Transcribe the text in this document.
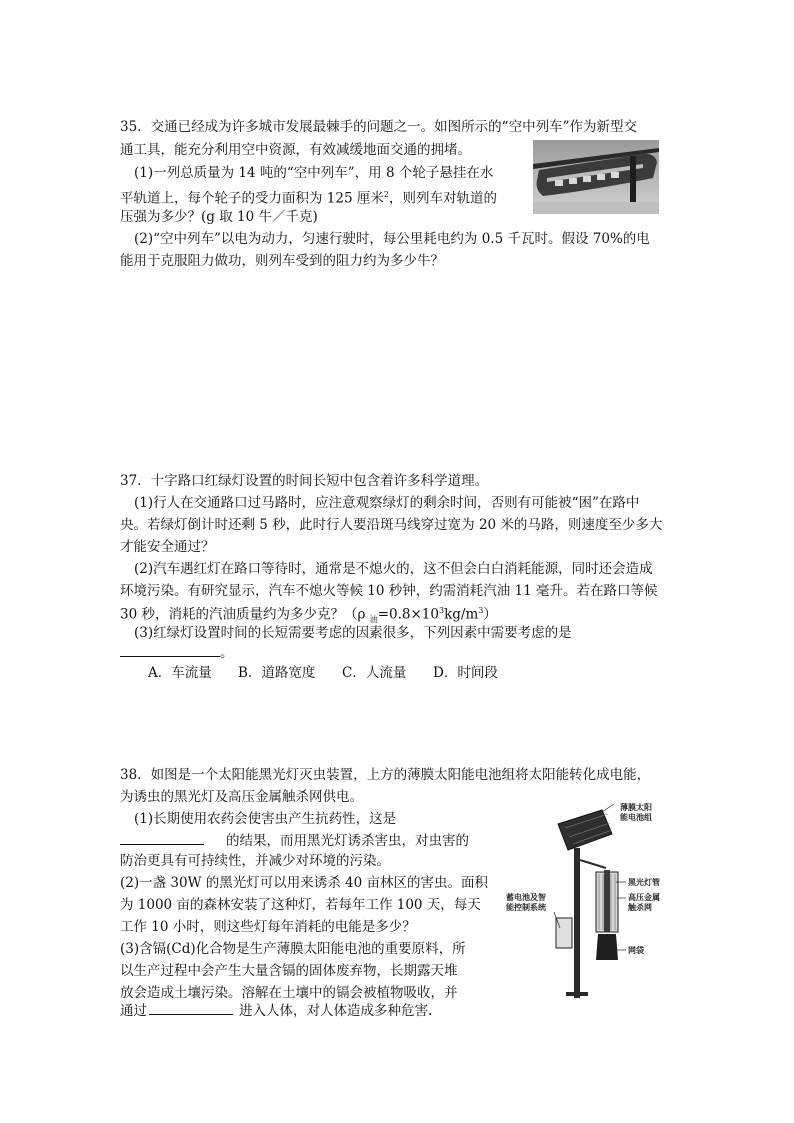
35．交通已经成为许多城市发展最棘手的问题之一。如图所示的“空中列车”作为新型交
通工具，能充分利用空中资源，有效减缓地面交通的拥堵。
(1)一列总质量为 14 吨的“空中列车”，用 8 个轮子悬挂在水
平轨道上，每个轮子的受力面积为 125 厘米$^2$，则列车对轨道的
压强为多少？(g 取 10 牛／千克)
(2)“空中列车”以电为动力，匀速行驶时，每公里耗电约为 0.5 千瓦时。假设 70%的电
能用于克服阻力做功，则列车受到的阻力约为多少牛？
37．十字路口红绿灯设置的时间长短中包含着许多科学道理。
(1)行人在交通路口过马路时，应注意观察绿灯的剩余时间，否则有可能被“困”在路中
央。若绿灯倒计时还剩 5 秒，此时行人要沿斑马线穿过宽为 20 米的马路，则速度至少多大
才能安全通过？
(2)汽车遇红灯在路口等待时，通常是不熄火的，这不但会白白消耗能源，同时还会造成
环境污染。有研究显示，汽车不熄火等候 10 秒钟，约需消耗汽油 11 毫升。若在路口等候
30 秒，消耗的汽油质量约为多少克？（ρ $_油=0.8\times 10^3kg/m^3$）
(3)红绿灯设置时间的长短需要考虑的因素很多，下列因素中需要考虑的是
。
A．车流量 B．道路宽度 C．人流量 D．时间段
38．如图是一个太阳能黑光灯灭虫装置，上方的薄膜太阳能电池组将太阳能转化成电能，
为诱虫的黑光灯及高压金属触杀网供电。
(1)长期使用农药会使害虫产生抗药性，这是
的结果，而用黑光灯诱杀害虫，对虫害的
防治更具有可持续性，并减少对环境的污染。
(2)一盏 30W 的黑光灯可以用来诱杀 40 亩林区的害虫。面积
为 1000 亩的森林安装了这种灯，若每年工作 100 天，每天
工作 10 小时，则这些灯每年消耗的电能是多少？
(3)含镉(Cd)化合物是生产薄膜太阳能电池的重要原料，所
以生产过程中会产生大量含镉的固体废弃物，长期露天堆
放会造成土壤污染。溶解在土壤中的镉会被植物吸收，并
通过	进入人体，对人体造成多种危害.
薄膜太阳
能电池组
黑光灯管
高压金属
触杀网
蓄电池及智
能控制系统
网袋
